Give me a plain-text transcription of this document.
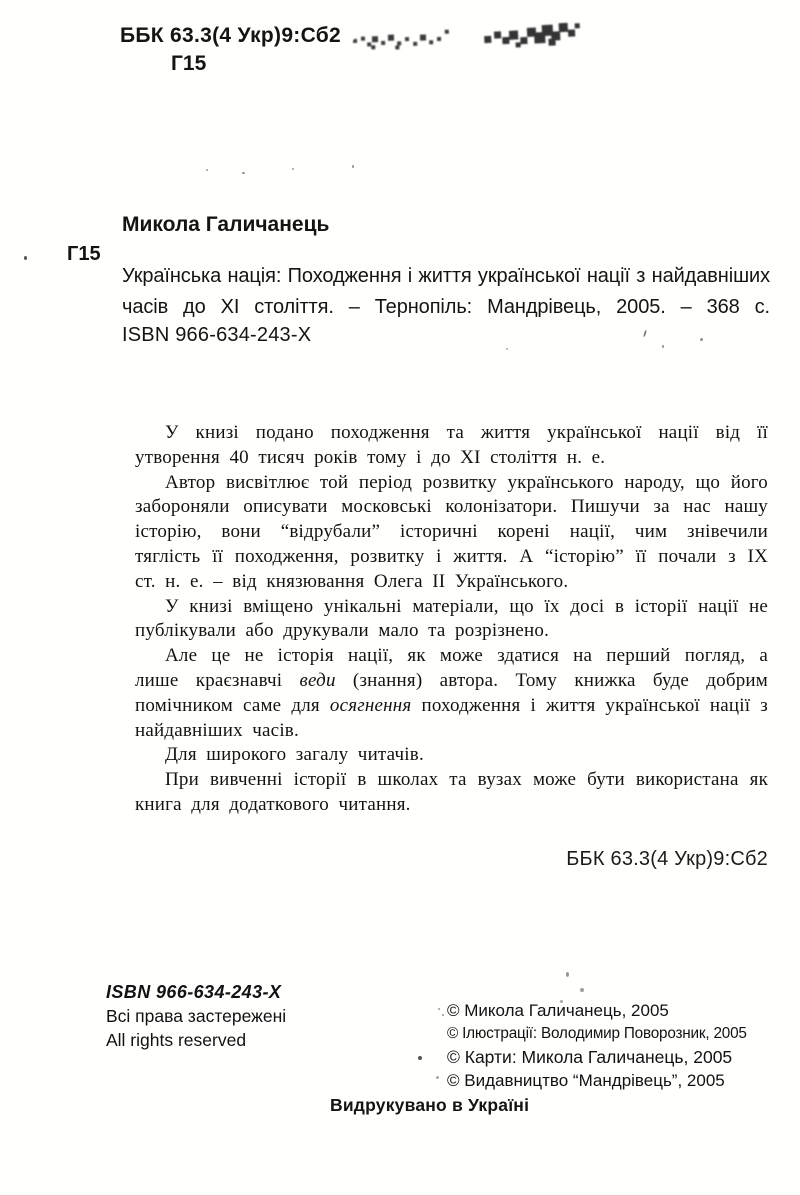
ББК 63.3(4 Укр)9:Сб2
Г15
Микола Галичанець
Г15

Українська нація: Походження і життя української нації з найдавніших часів до XI століття. – Тернопіль: Мандрівець, 2005. – 368 с.

ISBN 966-634-243-X

У книзі подано походження та життя української нації від її утворення 40 тисяч років тому і до XI століття н. е.

Автор висвітлює той період розвитку українського народу, що його забороняли описувати московські колонізатори. Пишучи за нас нашу історію, вони “відрубали” історичні корені нації, чим знівечили тяглість її походження, розвитку і життя. А “історію” її почали з IX ст. н. е. – від князювання Олега II Українського.

У книзі вміщено унікальні матеріали, що їх досі в історії нації не публікували або друкували мало та розрізнено.

Але це не історія нації, як може здатися на перший погляд, а лише краєзнавчі веди (знання) автора. Тому книжка буде добрим помічником саме для осягнення походження і життя української нації з найдавніших часів.

Для широкого загалу читачів.

При вивченні історії в школах та вузах може бути використана як книга для додаткового читання.

ББК 63.3(4 Укр)9:Сб2
ISBN 966-634-243-X
Всі права застережені
All rights reserved
© Микола Галичанець, 2005
© Ілюстрації: Володимир Поворозник, 2005
© Карти: Микола Галичанець, 2005
© Видавництво “Мандрівець”, 2005
Видрукувано в Україні
